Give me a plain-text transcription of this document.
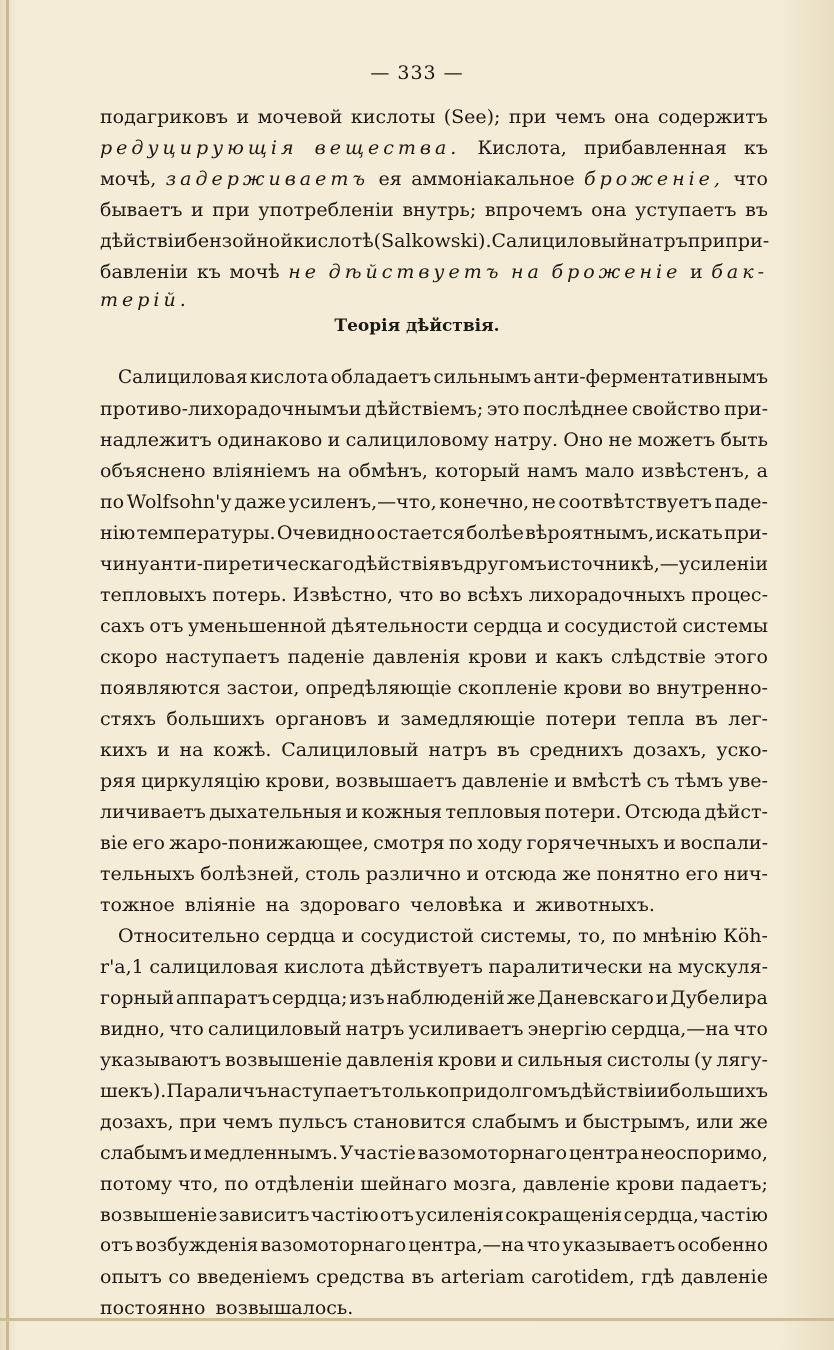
— 333 —
Теорія дѣйствія.
подагриковъ и мочевой кислоты (See); при чемъ она содержитъ
редуцирующія вещества. Кислота, прибавленная къ
мочѣ, задерживаетъ ея аммоніакальное броженіе, что
бываетъ и при употребленіи внутрь; впрочемъ она уступаетъ въ
дѣйствіи бензойной кислотѣ (Salkowski). Салициловый натръ при при-
бавленіи къ мочѣ не дѣйствуетъ на броженіе и бак-
терій.
Салициловая кислота обладаетъ сильнымъ анти-ферментативнымъ
противо-лихорадочнымъи дѣйствіемъ; это послѣднее свойство при-
надлежитъ одинаково и салициловому натру. Оно не можетъ быть
объяснено вліяніемъ на обмѣнъ, который намъ мало извѣстенъ, а
по Wolfsohn'у даже усиленъ,—что, конечно, не соотвѣтствуетъ паде-
нію температуры. Очевидно остается болѣе вѣроятнымъ, искать при-
чину анти-пиретическаго дѣйствія въ другомъ источникѣ,—усиленіи
тепловыхъ потерь. Извѣстно, что во всѣхъ лихорадочныхъ процес-
сахъ отъ уменьшенной дѣятельности сердца и сосудистой системы
скоро наступаетъ паденіе давленія крови и какъ слѣдствіе этого
появляются застои, опредѣляющіе скопленіе крови во внутренно-
стяхъ большихъ органовъ и замедляющіе потери тепла въ лег-
кихъ и на кожѣ. Салициловый натръ въ среднихъ дозахъ, уско-
ряя циркуляцію крови, возвышаетъ давленіе и вмѣстѣ съ тѣмъ уве-
личиваетъ дыхательныя и кожныя тепловыя потери. Отсюда дѣйст-
віе его жаро-понижающее, смотря по ходу горячечныхъ и воспали-
тельныхъ болѣзней, столь различно и отсюда же понятно его нич-
тожное вліяніе на здороваго человѣка и животныхъ.
Относительно сердца и сосудистой системы, то, по мнѣнію Кöh-
r'a,1 салициловая кислота дѣйствуетъ паралитически на мускуля-
горный аппаратъ сердца; изъ наблюденій же Даневскаго и Дубелира
видно, что салициловый натръ усиливаетъ энергію сердца,—на что
указываютъ возвышеніе давленія крови и сильныя систолы (у лягу-
шекъ). Параличъ наступаетъ только при долгомъ дѣйствіи и большихъ
дозахъ, при чемъ пульсъ становится слабымъ и быстрымъ, или же
слабымъ и медленнымъ. Участіе вазомоторнаго центра неоспоримо,
потому что, по отдѣленіи шейнаго мозга, давленіе крови падаетъ;
возвышеніе зависитъ частію отъ усиленія сокращенія сердца, частію
отъ возбужденія вазомоторнаго центра,—на что указываетъ особенно
опытъ со введеніемъ средства въ arteriam carotidem, гдѣ давленіе
постоянно возвышалось.
